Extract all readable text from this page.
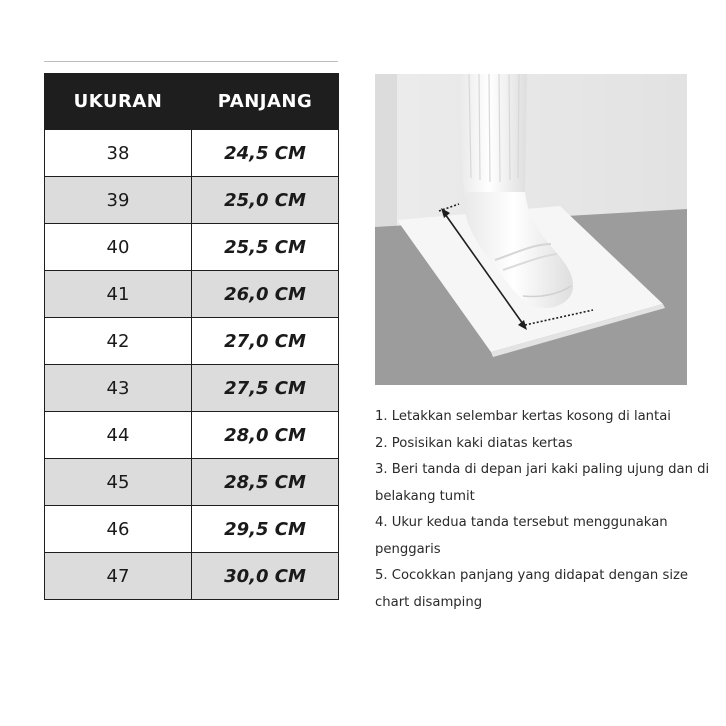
UKURAN	PANJANG
38	24,5 CM
39	25,0 CM
40	25,5 CM
41	26,0 CM
42	27,0 CM
43	27,5 CM
44	28,0 CM
45	28,5 CM
46	29,5 CM
47	30,0 CM
1. Letakkan selembar kertas kosong di lantai
2. Posisikan kaki diatas kertas
3. Beri tanda di depan jari kaki paling ujung dan di belakang tumit
4. Ukur kedua tanda tersebut menggunakan penggaris
5. Cocokkan panjang yang didapat dengan size chart disamping
